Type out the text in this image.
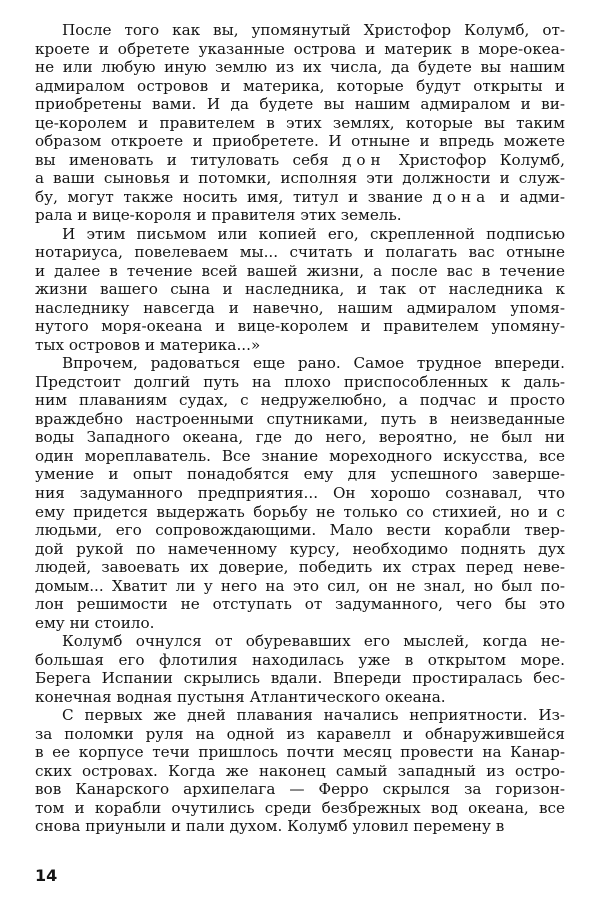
После того как вы, упомянутый Христофор Колумб, от-
кроете и обретете указанные острова и материк в море-океа-
не или любую иную землю из их числа, да будете вы нашим
адмиралом островов и материка, которые будут открыты и
приобретены вами. И да будете вы нашим адмиралом и ви-
це-королем и правителем в этих землях, которые вы таким
образом откроете и приобретете. И отныне и впредь можете
вы именовать и титуловать себя дон Христофор Колумб,
а ваши сыновья и потомки, исполняя эти должности и служ-
бу, могут также носить имя, титул и звание дона и адми-
рала и вице-короля и правителя этих земель.
И этим письмом или копией его, скрепленной подписью
нотариуса, повелеваем мы... считать и полагать вас отныне
и далее в течение всей вашей жизни, а после вас в течение
жизни вашего сына и наследника, и так от наследника к
наследнику навсегда и навечно, нашим адмиралом упомя-
нутого моря-океана и вице-королем и правителем упомяну-
тых островов и материка...»
Впрочем, радоваться еще рано. Самое трудное впереди.
Предстоит долгий путь на плохо приспособленных к даль-
ним плаваниям судах, с недружелюбно, а подчас и просто
враждебно настроенными спутниками, путь в неизведанные
воды Западного океана, где до него, вероятно, не был ни
один мореплаватель. Все знание мореходного искусства, все
умение и опыт понадобятся ему для успешного заверше-
ния задуманного предприятия... Он хорошо сознавал, что
ему придется выдержать борьбу не только со стихией, но и с
людьми, его сопровождающими. Мало вести корабли твер-
дой рукой по намеченному курсу, необходимо поднять дух
людей, завоевать их доверие, победить их страх перед неве-
домым... Хватит ли у него на это сил, он не знал, но был по-
лон решимости не отступать от задуманного, чего бы это
ему ни стоило.
Колумб очнулся от обуревавших его мыслей, когда не-
большая его флотилия находилась уже в открытом море.
Берега Испании скрылись вдали. Впереди простиралась бес-
конечная водная пустыня Атлантического океана.
С первых же дней плавания начались неприятности. Из-
за поломки руля на одной из каравелл и обнаружившейся
в ее корпусе течи пришлось почти месяц провести на Канар-
ских островах. Когда же наконец самый западный из остро-
вов Канарского архипелага — Ферро скрылся за горизон-
том и корабли очутились среди безбрежных вод океана, все
снова приуныли и пали духом. Колумб уловил перемену в
14
